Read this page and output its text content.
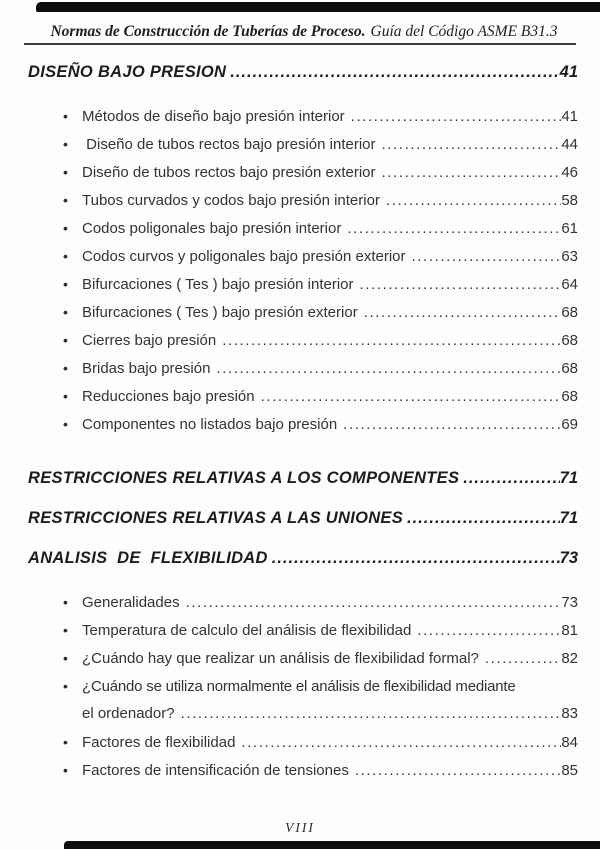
Normas de Construcción de Tuberías de Proceso. Guía del Código ASME B31.3
DISEÑO BAJO PRESION .....	41
• Métodos de diseño bajo presión interior .....	41
• Diseño de tubos rectos bajo presión interior .....	44
• Diseño de tubos rectos bajo presión exterior .....	46
• Tubos curvados y codos bajo presión interior .....	58
• Codos poligonales bajo presión interior .....	61
• Codos curvos y poligonales bajo presión exterior .....	63
• Bifurcaciones ( Tes ) bajo presión interior .....	64
• Bifurcaciones ( Tes ) bajo presión exterior .....	68
• Cierres bajo presión .....	68
• Bridas bajo presión .....	68
• Reducciones bajo presión .....	68
• Componentes no listados bajo presión .....	69
RESTRICCIONES RELATIVAS A LOS COMPONENTES .....	71
RESTRICCIONES RELATIVAS A LAS UNIONES .....	71
ANALISIS  DE  FLEXIBILIDAD .....	73
• Generalidades .....	73
• Temperatura de calculo del análisis de flexibilidad .....	81
• ¿Cuándo hay que realizar un análisis de flexibilidad formal? .....	82
• ¿Cuándo se utiliza normalmente el análisis de flexibilidad mediante
el ordenador? .....	83
• Factores de flexibilidad .....	84
• Factores de intensificación de tensiones .....	85
VIII
